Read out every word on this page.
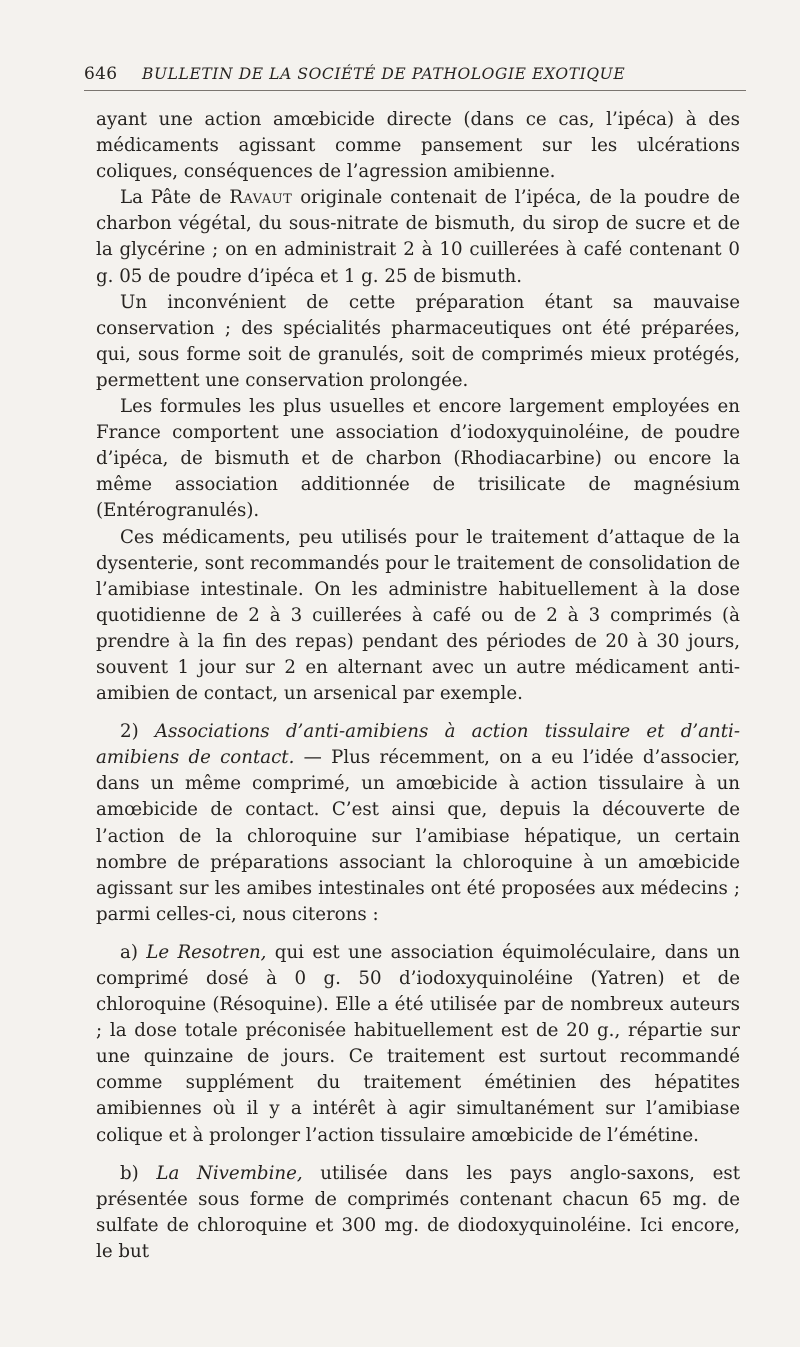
646	BULLETIN DE LA SOCIÉTÉ DE PATHOLOGIE EXOTIQUE

ayant une action amœbicide directe (dans ce cas, l’ipéca) à des médicaments agissant comme pansement sur les ulcérations coliques, conséquences de l’agression amibienne.

La Pâte de Ravaut originale contenait de l’ipéca, de la poudre de charbon végétal, du sous-nitrate de bismuth, du sirop de sucre et de la glycérine ; on en administrait 2 à 10 cuillerées à café contenant 0 g. 05 de poudre d’ipéca et 1 g. 25 de bismuth.

Un inconvénient de cette préparation étant sa mauvaise conservation ; des spécialités pharmaceutiques ont été préparées, qui, sous forme soit de granulés, soit de comprimés mieux protégés, permettent une conservation prolongée.

Les formules les plus usuelles et encore largement employées en France comportent une association d’iodoxyquinoléine, de poudre d’ipéca, de bismuth et de charbon (Rhodiacarbine) ou encore la même association additionnée de trisilicate de magnésium (Entérogranulés).

Ces médicaments, peu utilisés pour le traitement d’attaque de la dysenterie, sont recommandés pour le traitement de consolidation de l’amibiase intestinale. On les administre habituellement à la dose quotidienne de 2 à 3 cuillerées à café ou de 2 à 3 comprimés (à prendre à la fin des repas) pendant des périodes de 20 à 30 jours, souvent 1 jour sur 2 en alternant avec un autre médicament anti-amibien de contact, un arsenical par exemple.

2) Associations d’anti-amibiens à action tissulaire et d’anti-amibiens de contact. — Plus récemment, on a eu l’idée d’associer, dans un même comprimé, un amœbicide à action tissulaire à un amœbicide de contact. C’est ainsi que, depuis la découverte de l’action de la chloroquine sur l’amibiase hépatique, un certain nombre de préparations associant la chloroquine à un amœbicide agissant sur les amibes intestinales ont été proposées aux médecins ; parmi celles-ci, nous citerons :

a) Le Resotren, qui est une association équimoléculaire, dans un comprimé dosé à 0 g. 50 d’iodoxyquinoléine (Yatren) et de chloroquine (Résoquine). Elle a été utilisée par de nombreux auteurs ; la dose totale préconisée habituellement est de 20 g., répartie sur une quinzaine de jours. Ce traitement est surtout recommandé comme supplément du traitement émétinien des hépatites amibiennes où il y a intérêt à agir simultanément sur l’amibiase colique et à prolonger l’action tissulaire amœbicide de l’émétine.

b) La Nivembine, utilisée dans les pays anglo-saxons, est présentée sous forme de comprimés contenant chacun 65 mg. de sulfate de chloroquine et 300 mg. de diodoxyquinoléine. Ici encore, le but
